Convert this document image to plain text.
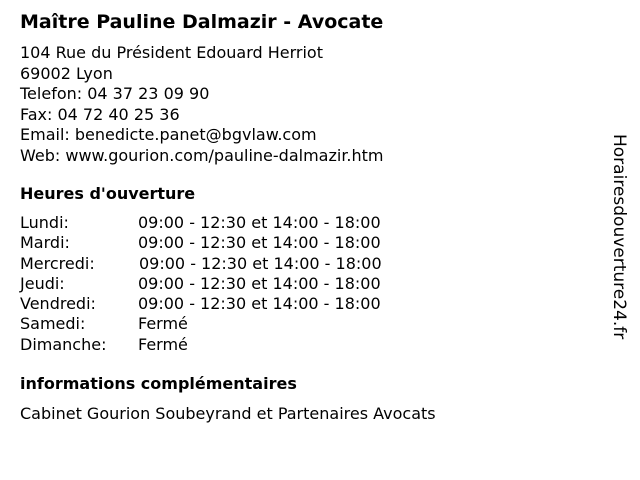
Maître Pauline Dalmazir - Avocate
104 Rue du Président Edouard Herriot
69002 Lyon
Telefon: 04 37 23 09 90
Fax: 04 72 40 25 36
Email: benedicte.panet@bgvlaw.com
Web: www.gourion.com/pauline-dalmazir.htm
Heures d'ouverture
Lundi:	09:00 - 12:30 et 14:00 - 18:00
Mardi:	09:00 - 12:30 et 14:00 - 18:00
Mercredi:	09:00 - 12:30 et 14:00 - 18:00
Jeudi:	09:00 - 12:30 et 14:00 - 18:00
Vendredi:	09:00 - 12:30 et 14:00 - 18:00
Samedi:	Fermé
Dimanche: Fermé
informations complémentaires
Cabinet Gourion Soubeyrand et Partenaires Avocats
Horairesdouverture24.fr
